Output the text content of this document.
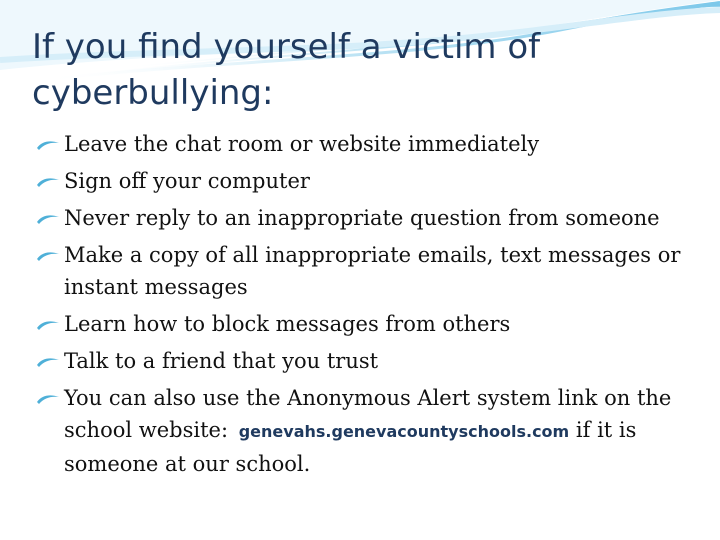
If you find yourself a victim of cyberbullying:
Leave the chat room or website immediately
Sign off your computer
Never reply to an inappropriate question from someone
Make a copy of all inappropriate emails, text messages or instant messages
Learn how to block messages from others
Talk to a friend that you trust
You can also use the Anonymous Alert system link on the school website: genevahs.genevacountyschools.com if it is someone at our school.
